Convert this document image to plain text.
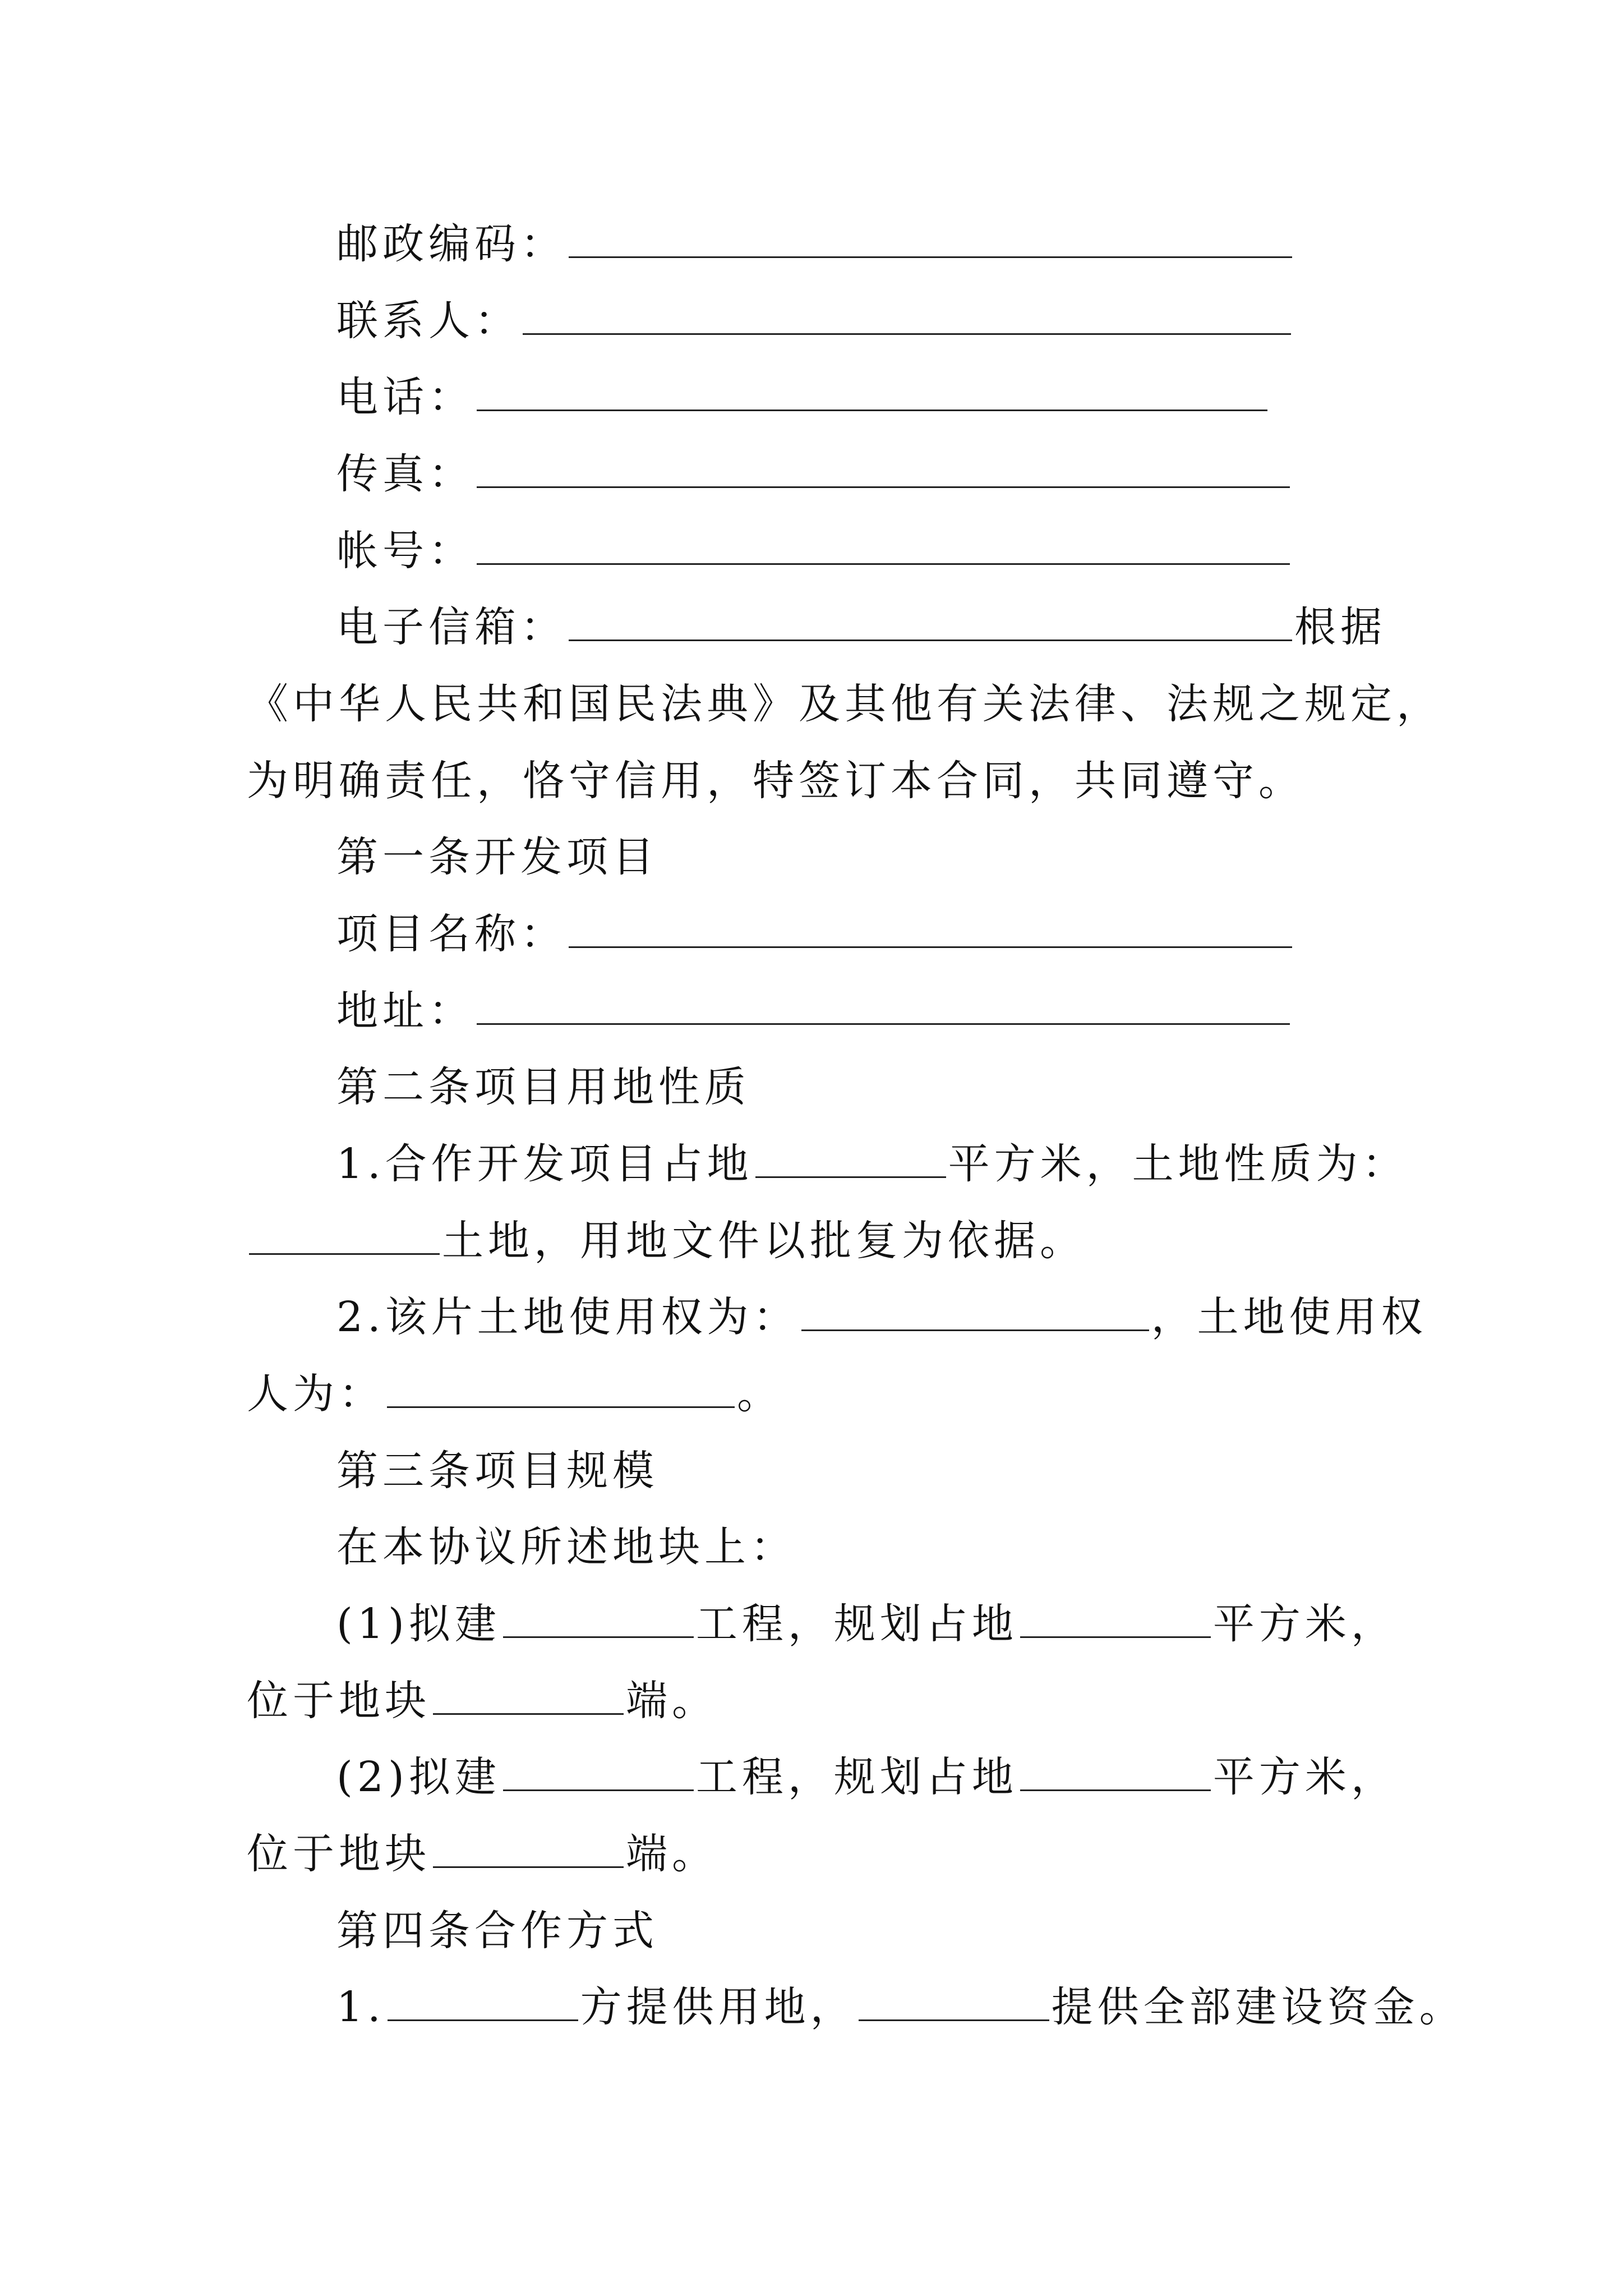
邮政编码：
联系人：
电话：
传真：
帐号：
电子信箱：	根据
《中华人民共和国民法典》及其他有关法律、法规之规定，
为明确责任，恪守信用，特签订本合同，共同遵守。
第一条开发项目
项目名称：
地址：
第二条项目用地性质
1.合作开发项目占地	平方米，土地性质为：
土地，用地文件以批复为依据。
2.该片土地使用权为：	，土地使用权
人为：	。
第三条项目规模
在本协议所述地块上：
(1)拟建	工程，规划占地	平方米，
位于地块	端。
(2)拟建	工程，规划占地	平方米，
位于地块	端。
第四条合作方式
1.	方提供用地，	提供全部建设资金。
